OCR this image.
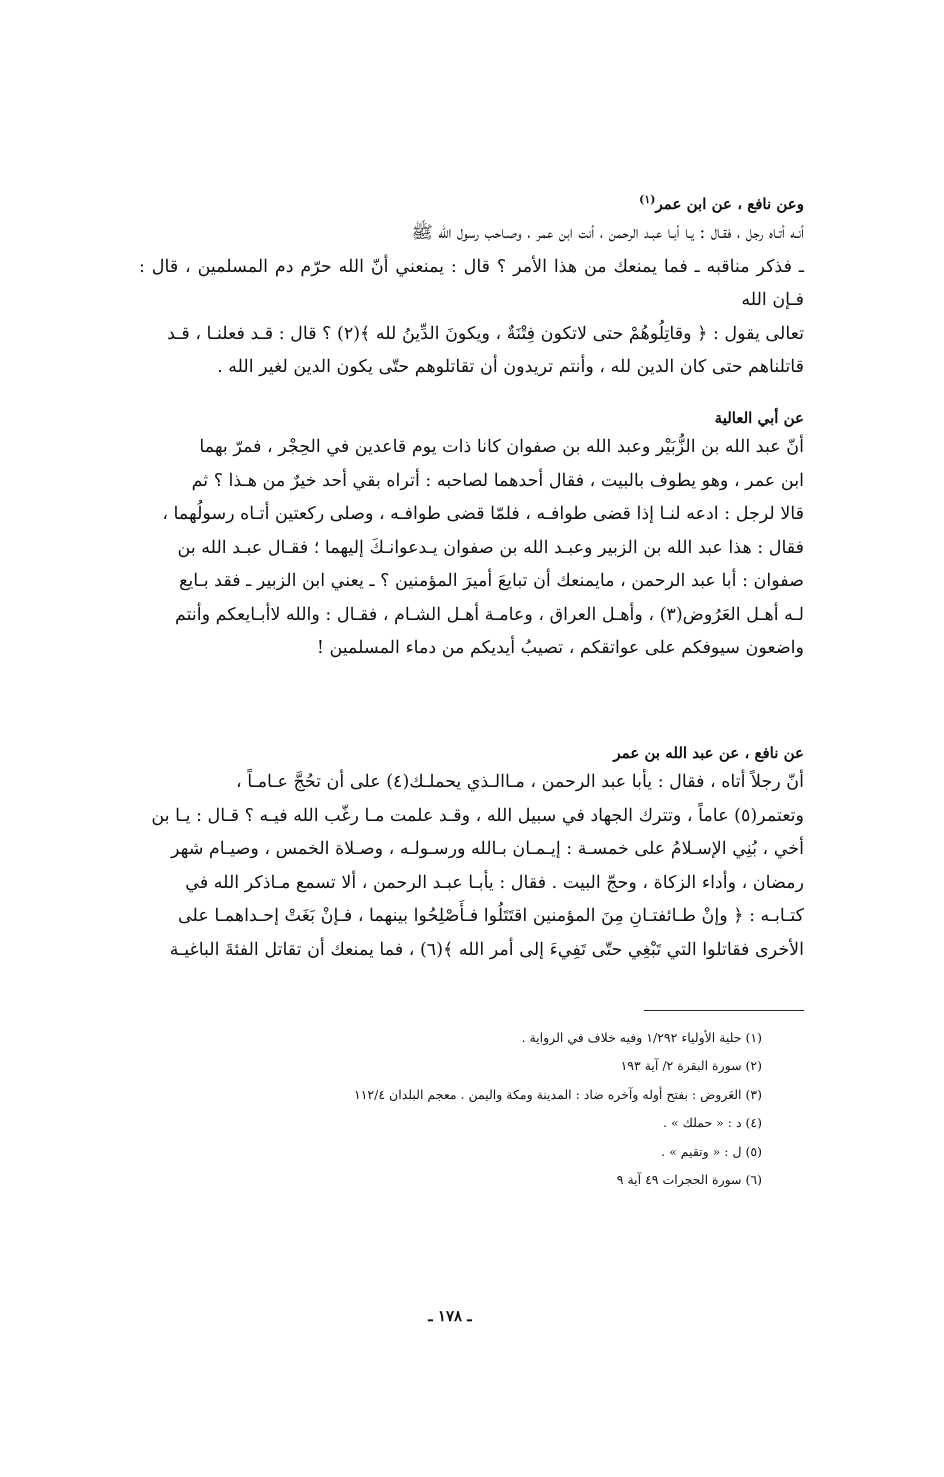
وعن نافع ، عن ابن عمر$^{(١)}$

أنـه أتـاه رجل ، فقـال : يـا أبـا عبـد الرحمن ، أنت ابن عمر ، وصـاحب رسول الله ﷺ

ـ فذكر مناقبه ـ فما يمنعك من هذا الأمر ؟ قال : يمنعني أنّ الله حرّم دم المسلمين ، قال : فـإن الله

تعالى يقول : ﴿ وقاتِلُوهُمْ حتى لاتكون فِتْنَةٌ ، ويكونَ الدِّينُ لله ﴾(٢) ؟ قال : قـد فعلنـا ، قـد

قاتلناهم حتى كان الدين لله ، وأنتم تريدون أن تقاتلوهم حتّى يكون الدين لغير الله .

عن أبي العالية

أنّ عبد الله بن الزُّبَيْر وعبد الله بن صفوان كانا ذات يوم قاعدين في الحِجْر ، فمرّ بهما

ابن عمر ، وهو يطوف بالبيت ، فقال أحدهما لصاحبه : أتراه بقي أحد خيرٌ من هـذا ؟ ثم

قالا لرجل : ادعه لنـا إذا قضى طوافـه ، فلمّا قضى طوافـه ، وصلى ركعتين أتـاه رسولُهما ،

فقال : هذا عبد الله بن الزبير وعبـد الله بن صفوان يـدعوانـكَ إليهما ؛ فقـال عبـد الله بن

صفوان : أبا عبد الرحمن ، مايمنعك أن تبايعَ أميرَ المؤمنين ؟ ـ يعني ابن الزبير ـ فقد بـايع

لـه أهـل العَرُوض(٣) ، وأهـل العراق ، وعامـة أهـل الشـام ، فقـال : والله لاأبـايعكم وأنتم

واضعون سيوفكم على عواتقكم ، تصيبُ أيديكم من دماء المسلمين !

عن نافع ، عن عبد الله بن عمر

أنّ رجلاً أتاه ، فقال : يأبا عبد الرحمن ، مـاالـذي يحملـك(٤) على أن تحُجَّ عـامـاً ،

وتعتمر(٥) عاماً ، وتترك الجهاد في سبيل الله ، وقـد علمت مـا رغّب الله فيـه ؟ قـال : يـا بن

أخي ، بُنِي الإسـلامُ على خمسـة : إيـمـان بـالله ورسـولـه ، وصـلاة الخمس ، وصيـام شهر

رمضان ، وأداء الزكاة ، وحجّ البيت . فقال : يأبـا عبـد الرحمن ، ألا تسمع مـاذكر الله في

كتـابـه : ﴿ وإنْ طـائفتـانِ مِنَ المؤمنين اقتَتَلُوا فـأَصْلِحُوا بينهما ، فـإنْ بَغَتْ إحـداهمـا على

الأخرى فقاتلوا التي تَبْغِي حتّى تَفِيءَ إلى أمر الله ﴾(٦) ، فما يمنعك أن تقاتل الفئةَ الباغيـة

(١) حلية الأولياء ١/٢٩٢ وفيه خلاف في الرواية .

(٢) سورة البقرة ٢/ آية ١٩٣

(٣) العَروض : بفتح أوله وآخره ضاد : المدينة ومكة واليمن . معجم البلدان ١١٢/٤

(٤) د : « حملك » .

(٥) ل : « وتقيم » .

(٦) سورة الحجرات ٤٩ آية ٩

ـ ١٧٨ ـ
